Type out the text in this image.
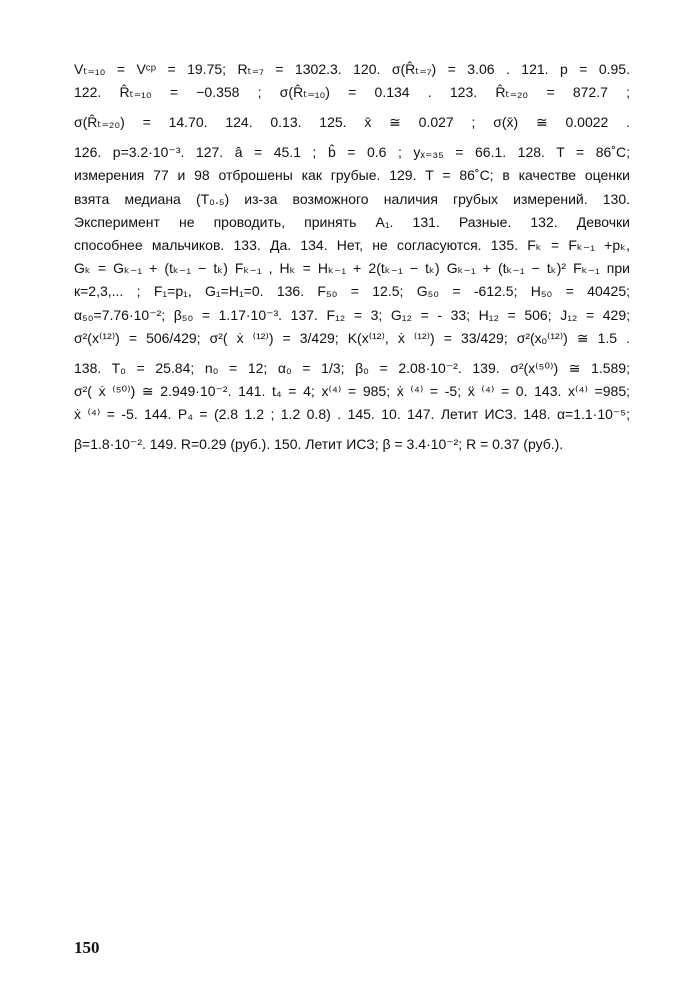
Vₜ₌₁₀ = Vᶜᵖ = 19.75; Rₜ₌₇ = 1302.3. 120. σ(R̂ₜ₌₇) = 3.06 . 121. p = 0.95.
122. R̂ₜ₌₁₀ = −0.358 ; σ(R̂ₜ₌₁₀) = 0.134 . 123. R̂ₜ₌₂₀ = 872.7 ;
σ(R̂ₜ₌₂₀) = 14.70. 124. 0.13. 125. x̄ ≅ 0.027 ; σ(x̄) ≅ 0.0022 .
126. p=3.2·10⁻³. 127. â = 45.1 ; b̂ = 0.6 ; yₓ₌₃₅ = 66.1. 128. T = 86˚C;
измерения 77 и 98 отброшены как грубые. 129. T = 86˚C; в качестве оценки
взята медиана (T₀.₅) из-за возможного наличия грубых измерений. 130.
Эксперимент не проводить, принять A₁. 131. Разные. 132. Девочки
способнее мальчиков. 133. Да. 134. Нет, не согласуются. 135. Fₖ = Fₖ₋₁ +pₖ,
Gₖ = Gₖ₋₁ + (tₖ₋₁ − tₖ) Fₖ₋₁ , Hₖ = Hₖ₋₁ + 2(tₖ₋₁ − tₖ) Gₖ₋₁ + (tₖ₋₁ − tₖ)² Fₖ₋₁ при
к=2,3,... ; F₁=p₁, G₁=H₁=0. 136. F₅₀ = 12.5; G₅₀ = -612.5; H₅₀ = 40425;
α₅₀=7.76·10⁻²; β₅₀ = 1.17·10⁻³. 137. F₁₂ = 3; G₁₂ = - 33; H₁₂ = 506; J₁₂ = 429;
σ²(x⁽¹²⁾) = 506/429; σ²( ẋ ⁽¹²⁾) = 3/429; K(x⁽¹²⁾, ẋ ⁽¹²⁾) = 33/429; σ²(xₒ⁽¹²⁾) ≅ 1.5 .
138. T₀ = 25.84; n₀ = 12; α₀ = 1/3; β₀ = 2.08·10⁻². 139. σ²(x⁽⁵⁰⁾) ≅ 1.589;
σ²( ẋ ⁽⁵⁰⁾) ≅ 2.949·10⁻². 141. t₄ = 4; x⁽⁴⁾ = 985; ẋ ⁽⁴⁾ = -5; ẍ ⁽⁴⁾ = 0. 143. x⁽⁴⁾ =985;
ẋ ⁽⁴⁾ = -5. 144. P₄ = (2.8 1.2 ; 1.2 0.8) . 145. 10. 147. Летит ИСЗ. 148. α=1.1·10⁻⁵;
β=1.8·10⁻². 149. R=0.29 (руб.). 150. Летит ИСЗ; β = 3.4·10⁻²; R = 0.37 (руб.).
150
